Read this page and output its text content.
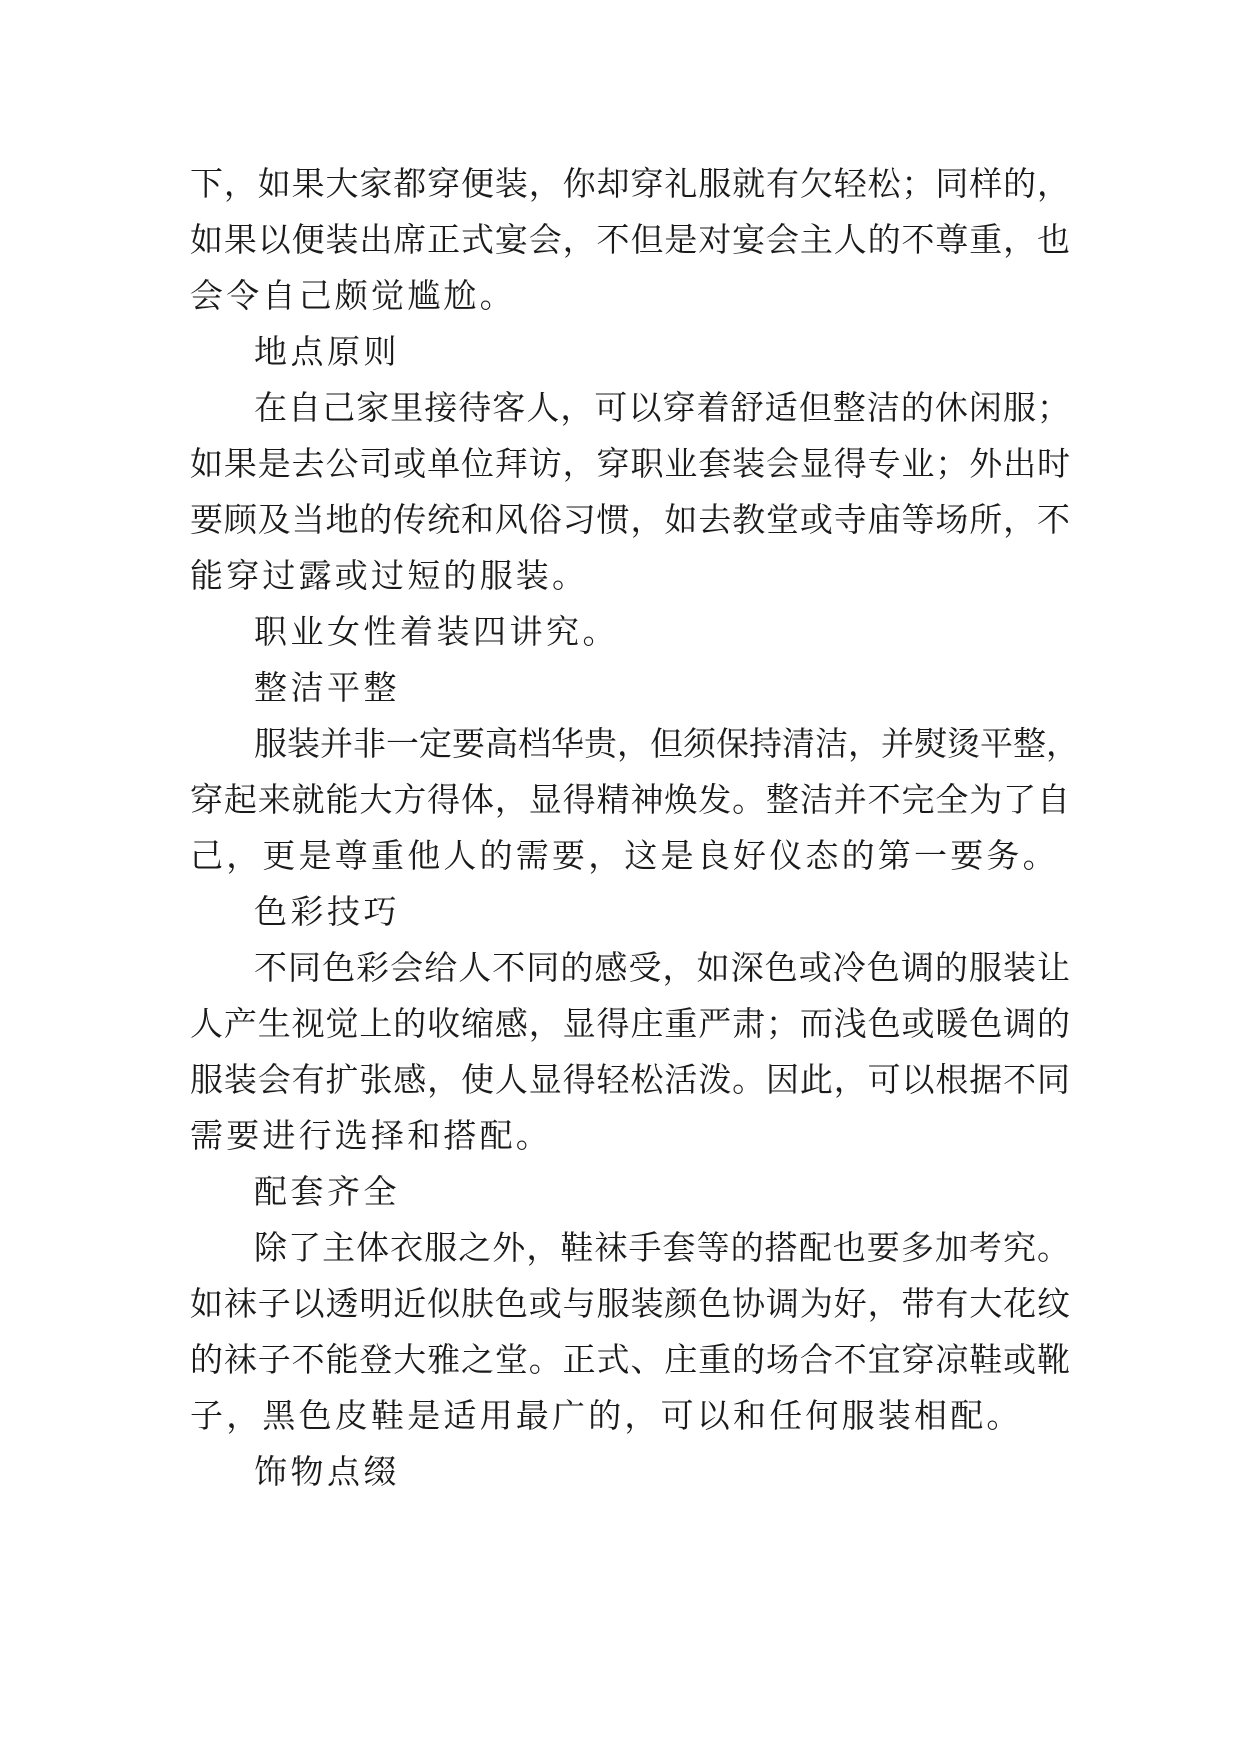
下，如果大家都穿便装，你却穿礼服就有欠轻松；同样的，
如果以便装出席正式宴会，不但是对宴会主人的不尊重，也
会令自己颇觉尴尬。
地点原则
在自己家里接待客人，可以穿着舒适但整洁的休闲服；
如果是去公司或单位拜访，穿职业套装会显得专业；外出时
要顾及当地的传统和风俗习惯，如去教堂或寺庙等场所，不
能穿过露或过短的服装。
职业女性着装四讲究。
整洁平整
服装并非一定要高档华贵，但须保持清洁，并熨烫平整，
穿起来就能大方得体，显得精神焕发。整洁并不完全为了自
己，更是尊重他人的需要，这是良好仪态的第一要务。
色彩技巧
不同色彩会给人不同的感受，如深色或冷色调的服装让
人产生视觉上的收缩感，显得庄重严肃；而浅色或暖色调的
服装会有扩张感，使人显得轻松活泼。因此，可以根据不同
需要进行选择和搭配。
配套齐全
除了主体衣服之外，鞋袜手套等的搭配也要多加考究。
如袜子以透明近似肤色或与服装颜色协调为好，带有大花纹
的袜子不能登大雅之堂。正式、庄重的场合不宜穿凉鞋或靴
子，黑色皮鞋是适用最广的，可以和任何服装相配。
饰物点缀
